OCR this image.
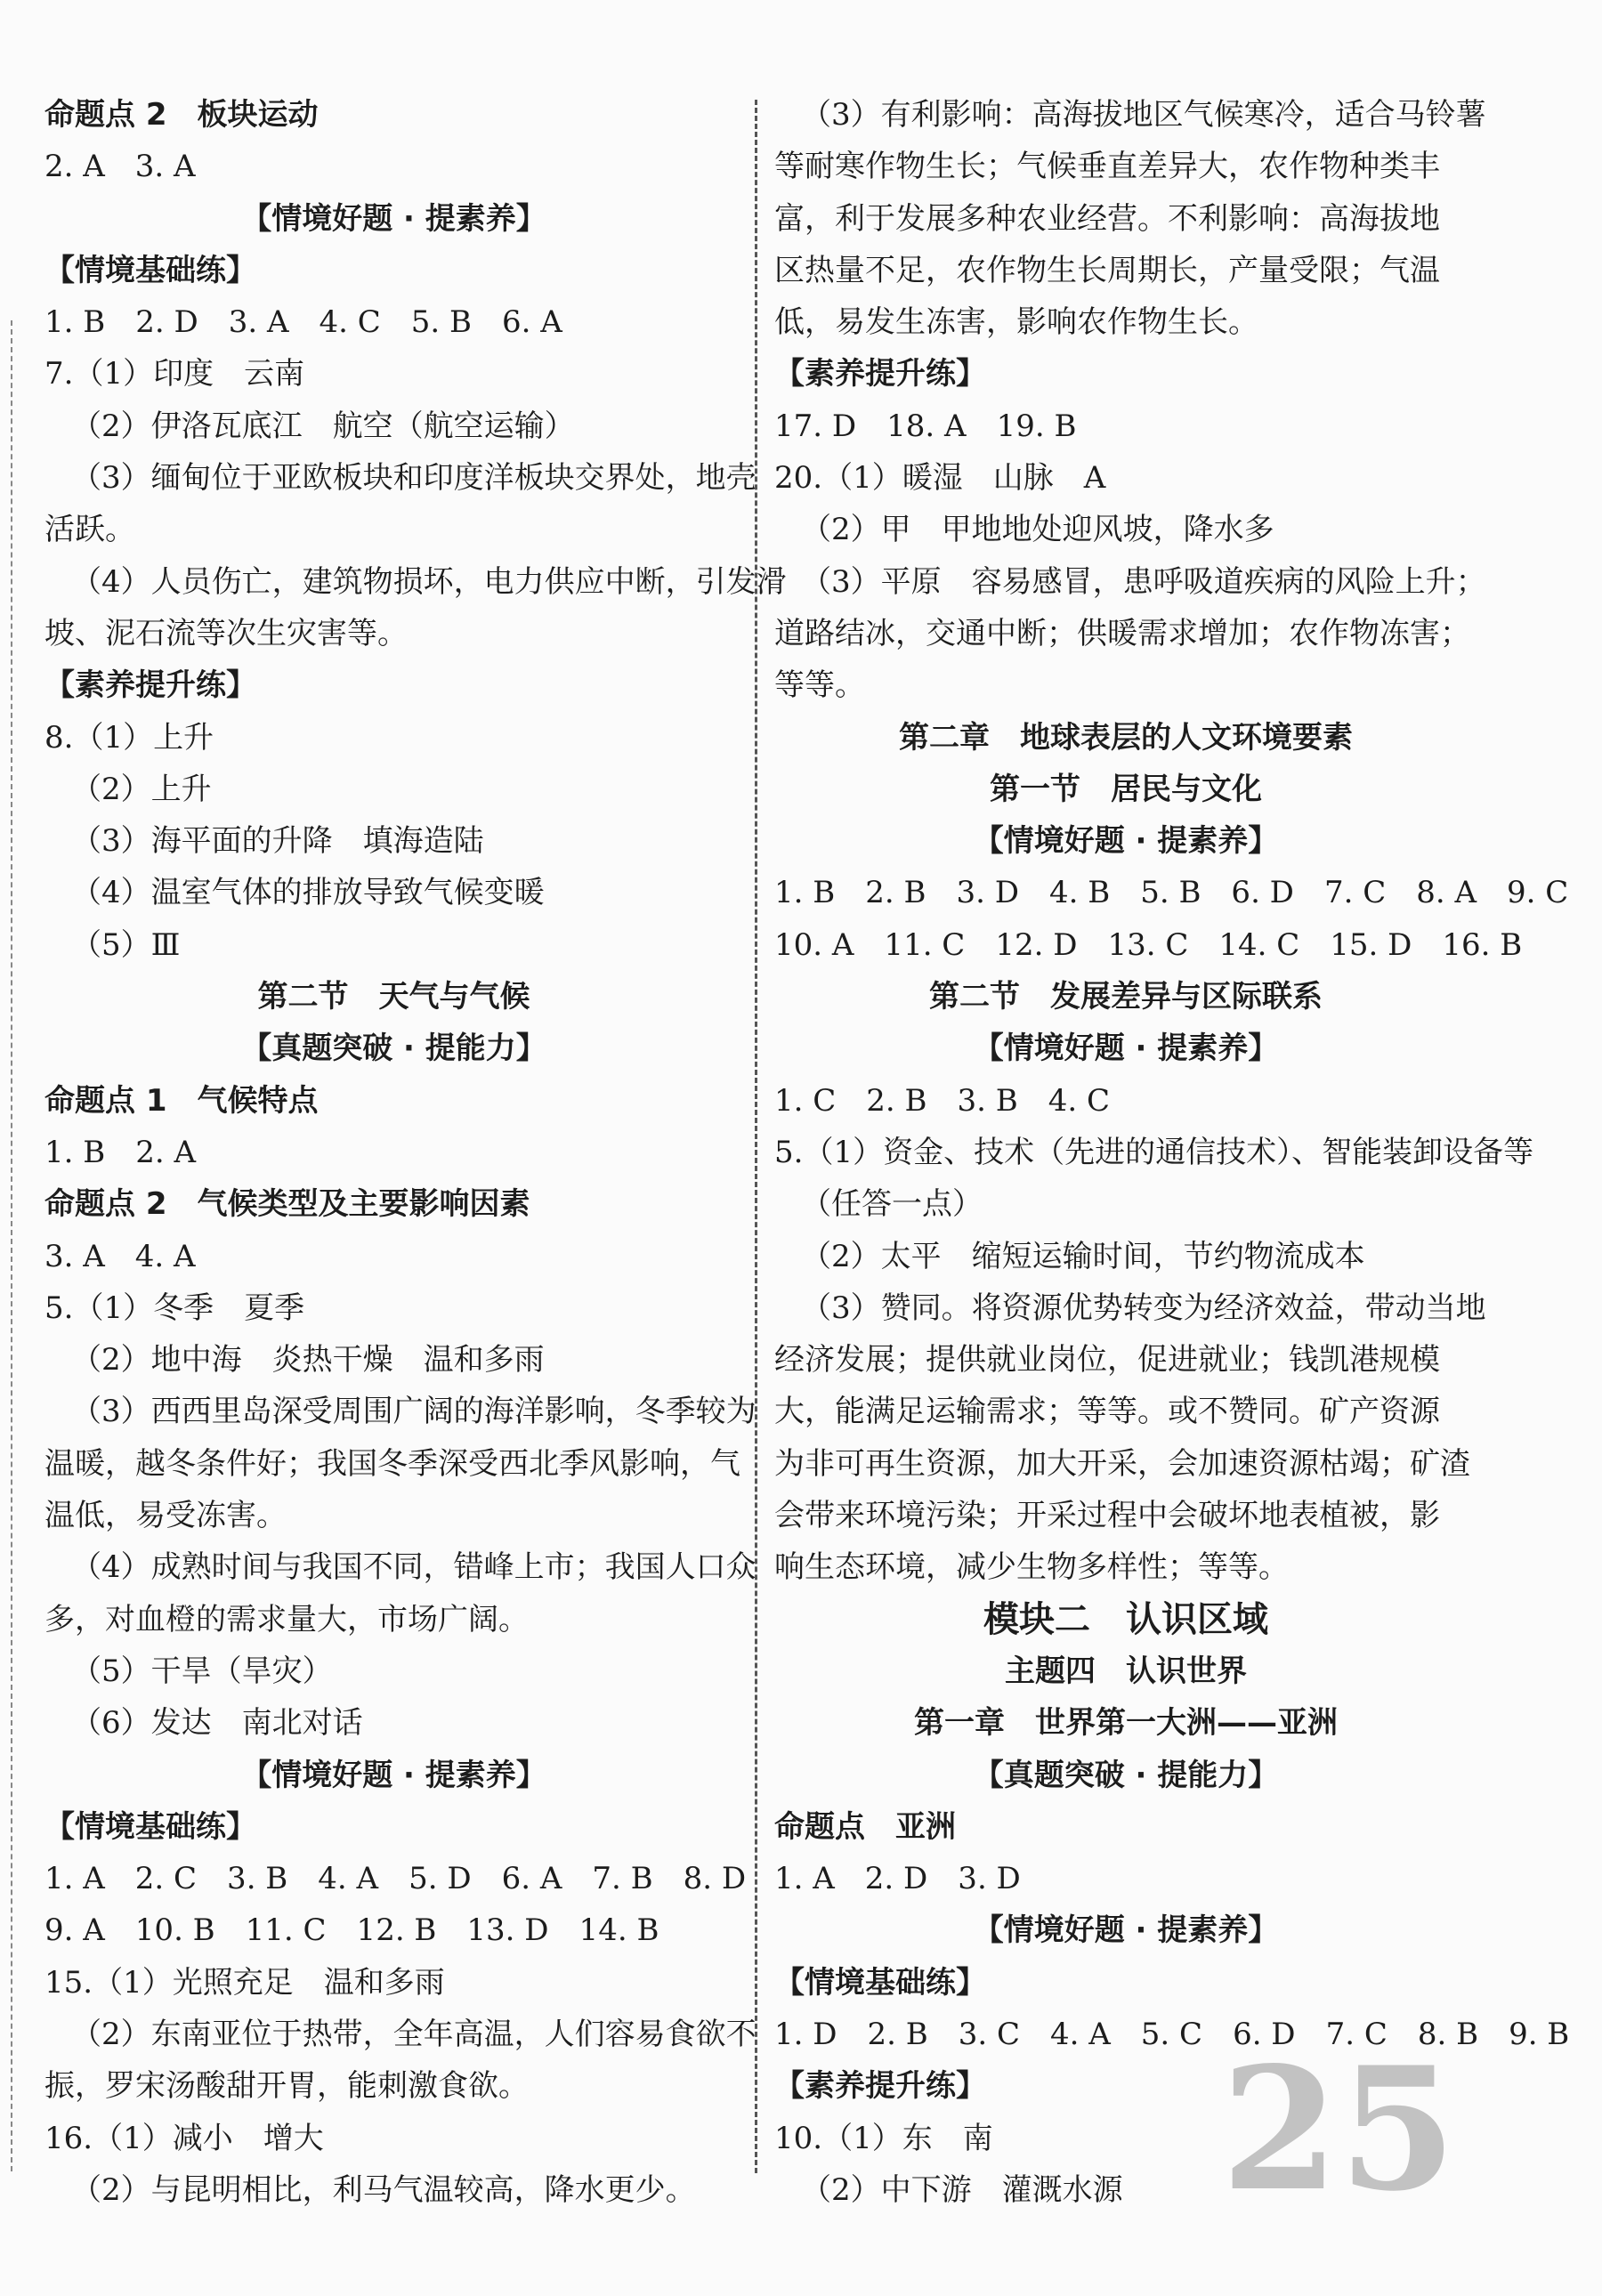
命题点 2　板块运动
2. A　3. A
【情境好题 · 提素养】
【情境基础练】
1. B　2. D　3. A　4. C　5. B　6. A
7.（1）印度　云南
（2）伊洛瓦底江　航空（航空运输）
（3）缅甸位于亚欧板块和印度洋板块交界处，地壳
活跃。
（4）人员伤亡，建筑物损坏，电力供应中断，引发滑
坡、泥石流等次生灾害等。
【素养提升练】
8.（1）上升
（2）上升
（3）海平面的升降　填海造陆
（4）温室气体的排放导致气候变暖
（5）Ⅲ
第二节　天气与气候
【真题突破 · 提能力】
命题点 1　气候特点
1. B　2. A
命题点 2　气候类型及主要影响因素
3. A　4. A
5.（1）冬季　夏季
（2）地中海　炎热干燥　温和多雨
（3）西西里岛深受周围广阔的海洋影响，冬季较为
温暖，越冬条件好；我国冬季深受西北季风影响，气
温低，易受冻害。
（4）成熟时间与我国不同，错峰上市；我国人口众
多，对血橙的需求量大，市场广阔。
（5）干旱（旱灾）
（6）发达　南北对话
【情境好题 · 提素养】
【情境基础练】
1. A　2. C　3. B　4. A　5. D　6. A　7. B　8. D
9. A　10. B　11. C　12. B　13. D　14. B
15.（1）光照充足　温和多雨
（2）东南亚位于热带，全年高温，人们容易食欲不
振，罗宋汤酸甜开胃，能刺激食欲。
16.（1）减小　增大
（2）与昆明相比，利马气温较高，降水更少。
（3）有利影响：高海拔地区气候寒冷，适合马铃薯
等耐寒作物生长；气候垂直差异大，农作物种类丰
富，利于发展多种农业经营。不利影响：高海拔地
区热量不足，农作物生长周期长，产量受限；气温
低，易发生冻害，影响农作物生长。
【素养提升练】
17. D　18. A　19. B
20.（1）暖湿　山脉　A
（2）甲　甲地地处迎风坡，降水多
（3）平原　容易感冒，患呼吸道疾病的风险上升；
道路结冰，交通中断；供暖需求增加；农作物冻害；
等等。
第二章　地球表层的人文环境要素
第一节　居民与文化
【情境好题 · 提素养】
1. B　2. B　3. D　4. B　5. B　6. D　7. C　8. A　9. C
10. A　11. C　12. D　13. C　14. C　15. D　16. B
第二节　发展差异与区际联系
【情境好题 · 提素养】
1. C　2. B　3. B　4. C
5.（1）资金、技术（先进的通信技术）、智能装卸设备等
（任答一点）
（2）太平　缩短运输时间，节约物流成本
（3）赞同。将资源优势转变为经济效益，带动当地
经济发展；提供就业岗位，促进就业；钱凯港规模
大，能满足运输需求；等等。或不赞同。矿产资源
为非可再生资源，加大开采，会加速资源枯竭；矿渣
会带来环境污染；开采过程中会破坏地表植被，影
响生态环境，减少生物多样性；等等。
模块二　认识区域
主题四　认识世界
第一章　世界第一大洲——亚洲
【真题突破 · 提能力】
命题点　亚洲
1. A　2. D　3. D
【情境好题 · 提素养】
【情境基础练】
1. D　2. B　3. C　4. A　5. C　6. D　7. C　8. B　9. B
【素养提升练】
10.（1）东　南
（2）中下游　灌溉水源 25
